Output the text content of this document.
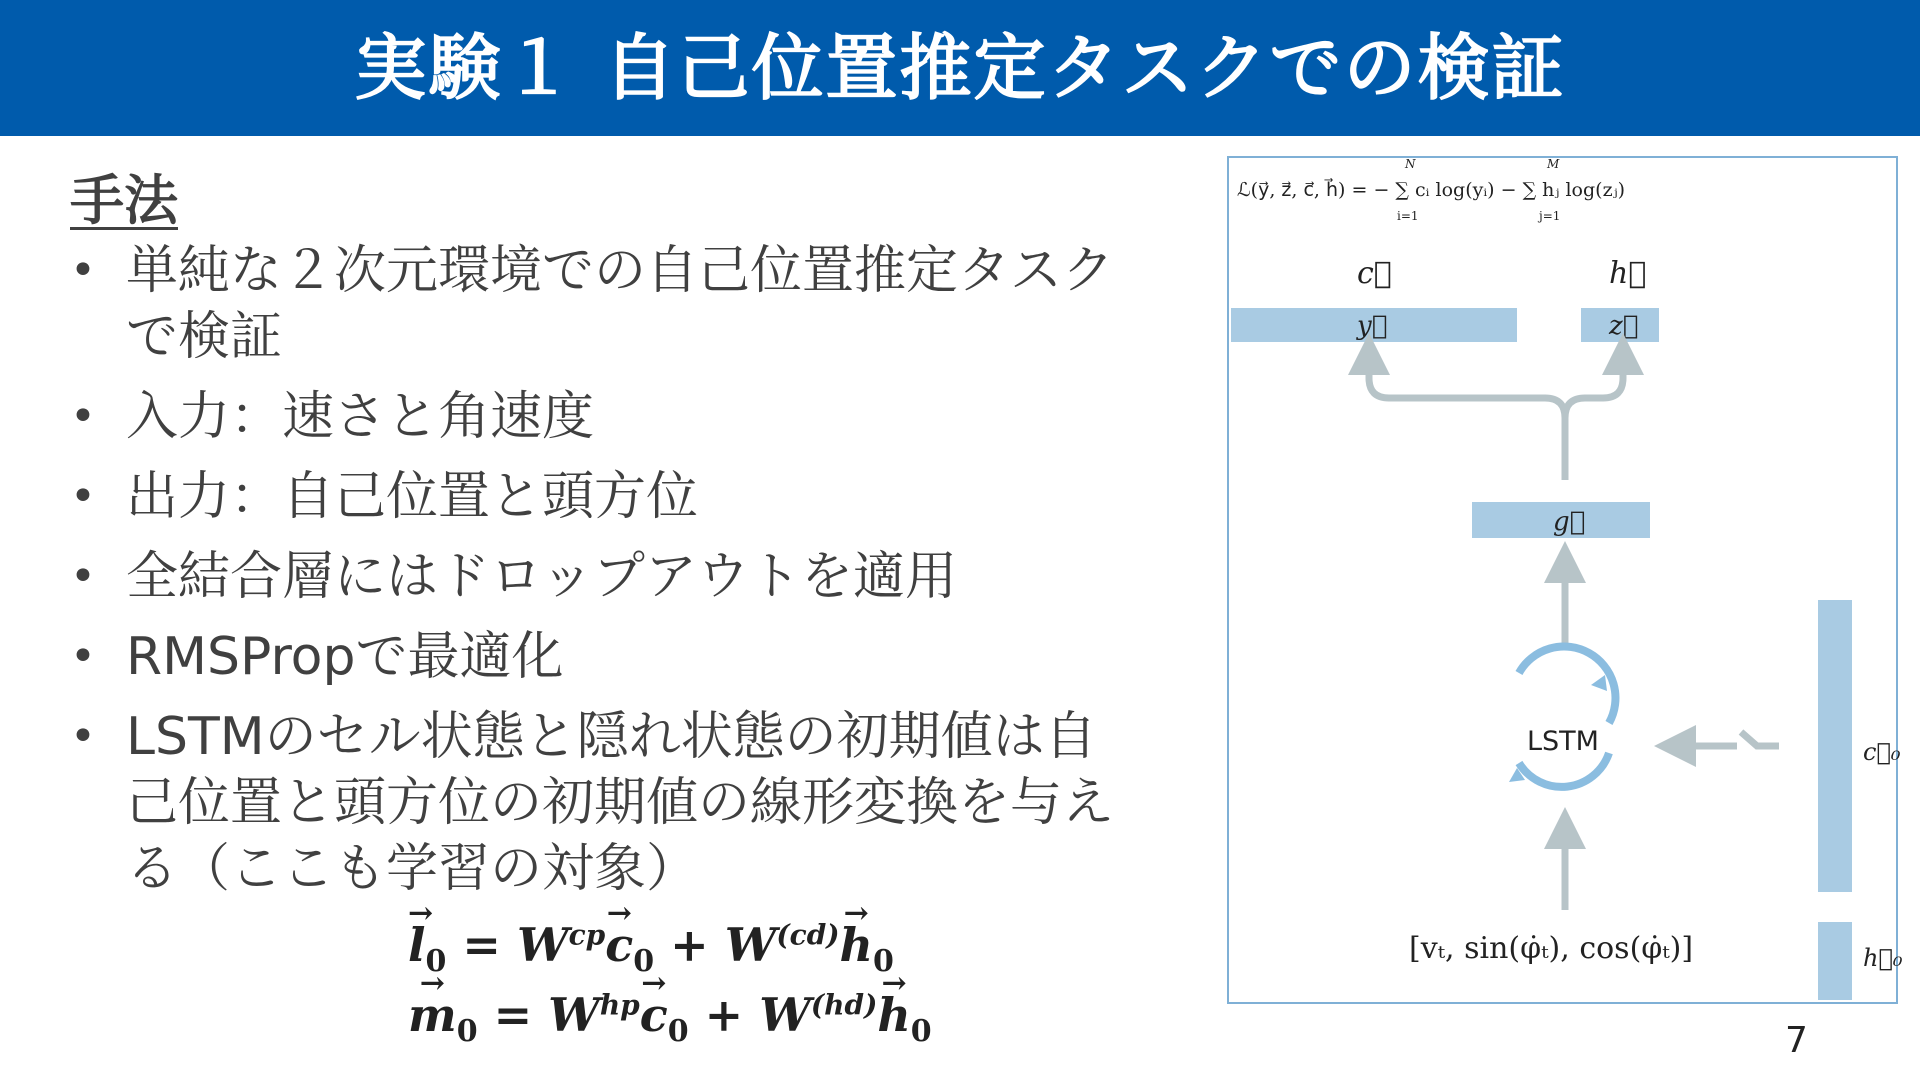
実験１ 自己位置推定タスクでの検証
手法
• 単純な２次元環境での自己位置推定タスクで検証
• 入力：速さと角速度
• 出力：自己位置と頭方位
• 全結合層にはドロップアウトを適用
• RMSPropで最適化
• LSTMのセル状態と隠れ状態の初期値は自己位置と頭方位の初期値の線形変換を与える（ここも学習の対象）
→ $l_0 = W^{cp}\to c_0 + W^{(cd)}\to h_0$
→ $m_0 = W^{hp}\to c_0 + W^{(hd)}\to h_0$
ℒ(y⃗, z⃗, c⃗, h⃗) = − ∑ cᵢ log(yᵢ) − ∑ hⱼ log(zⱼ)
N
i=1
M
j=1
c⃗	h⃗
y⃗	z⃗
g⃗
LSTM	c⃗₀
h⃗₀
[vₜ, sin(φ̇ₜ), cos(φ̇ₜ)]
7
